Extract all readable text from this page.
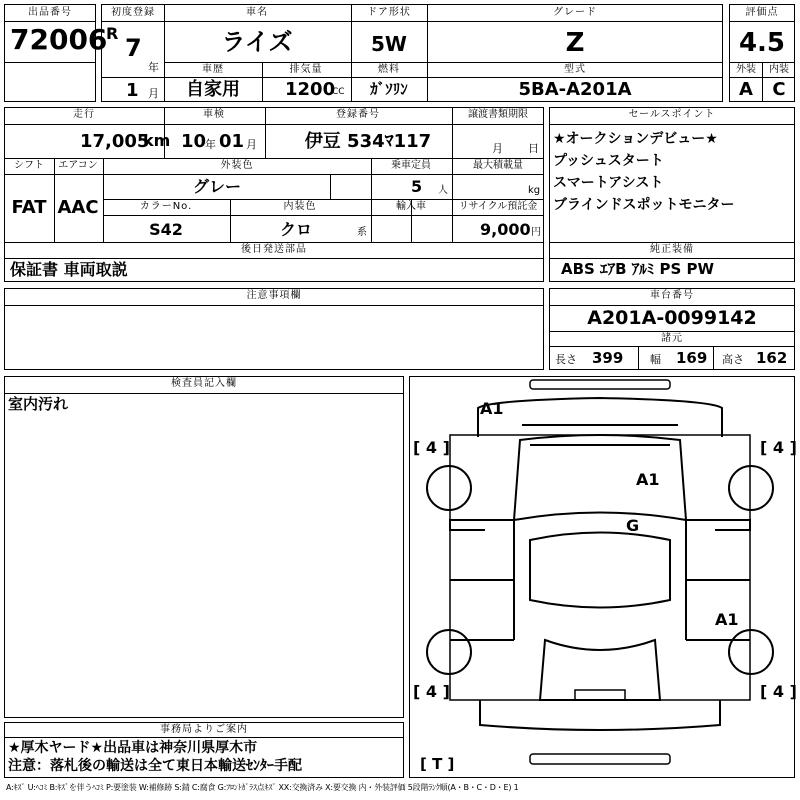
出品番号
72006
初度登録
R
7
年
1 月
車名
ライズ
ドア形状
5W
グレード
Z
車歴
自家用
排気量
1200
CC
燃料
ｶﾞｿﾘﾝ
型式
5BA-A201A
評価点
4.5
外装 内装
A C
走行
17,005
km
車検
10
年 01 月
登録番号
伊豆 534ﾏ117
譲渡書類期限
月 日
シフト エアコン
FAT AAC
外装色
グレー
乗車定員
5 人
最大積載量
kg
カラーNo.
S42
内装色
クロ	系
輸入車	リサイクル預託金
9,000 円
後日発送部品
保証書 車両取説
セールスポイント
★オークションデビュー★
プッシュスタート
スマートアシスト
ブラインドスポットモニター
純正装備
ABS ｴｱB ｱﾙﾐ PS PW
注意事項欄	車台番号
A201A-0099142
諸元
長さ 399 幅 169 高さ 162
検査員記入欄
室内汚れ
事務局よりご案内
★厚木ヤード★出品車は神奈川県厚木市
注意：落札後の輸送は全て東日本輸送ｾﾝﾀｰ手配
A1
A1
G
A1
[ 4 ]	[ 4 ]
[ 4 ]	[ 4 ]
[ T ]
A:ｷｽﾞ U:ﾍｺﾐ B:ｷｽﾞを伴うﾍｺﾐ P:要塗装 W:補修跡 S:錆 C:腐食 G:ﾌﾛﾝﾄｶﾞﾗｽ点ｷｽﾞ XX:交換済み X:要交換 内・外装評価 5段階ﾗﾝｸ順(A・B・C・D・E) 1
